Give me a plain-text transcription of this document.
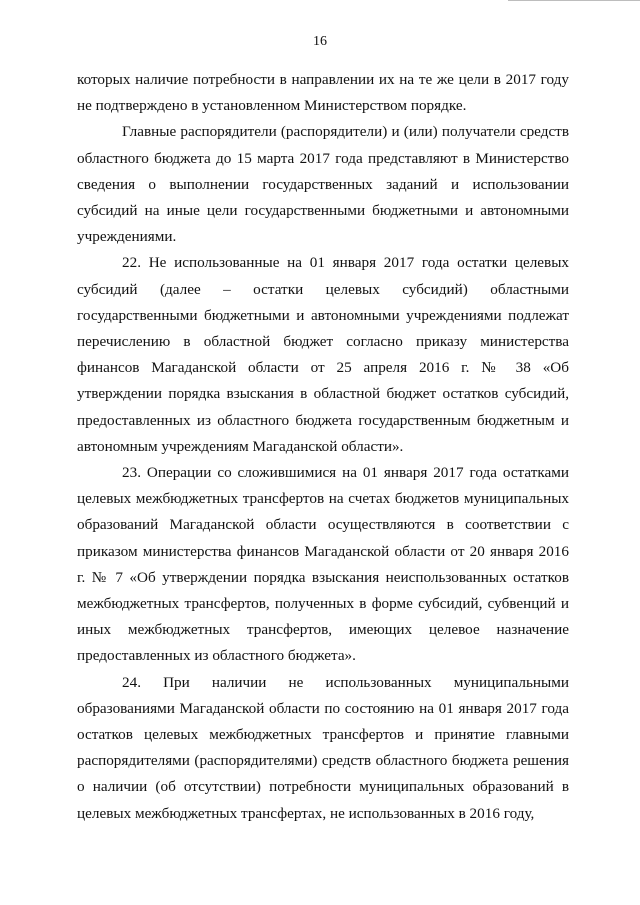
16

которых наличие потребности в направлении их на те же цели в 2017 году не подтверждено в установленном Министерством порядке.

Главные распорядители (распорядители) и (или) получатели средств областного бюджета до 15 марта 2017 года представляют в Министерство сведения о выполнении государственных заданий и использовании субсидий на иные цели государственными бюджетными и автономными учреждениями.

22. Не использованные на 01 января 2017 года остатки целевых субсидий (далее – остатки целевых субсидий) областными государственными бюджетными и автономными учреждениями подлежат перечислению в областной бюджет согласно приказу министерства финансов Магаданской области от 25 апреля 2016 г. № 38 «Об утверждении порядка взыскания в областной бюджет остатков субсидий, предоставленных из областного бюджета государственным бюджетным и автономным учреждениям Магаданской области».

23. Операции со сложившимися на 01 января 2017 года остатками целевых межбюджетных трансфертов на счетах бюджетов муниципальных образований Магаданской области осуществляются в соответствии с приказом министерства финансов Магаданской области от 20 января 2016 г. № 7 «Об утверждении порядка взыскания неиспользованных остатков межбюджетных трансфертов, полученных в форме субсидий, субвенций и иных межбюджетных трансфертов, имеющих целевое назначение предоставленных из областного бюджета».

24. При наличии не использованных муниципальными образованиями Магаданской области по состоянию на 01 января 2017 года остатков целевых межбюджетных трансфертов и принятие главными распорядителями (распорядителями) средств областного бюджета решения о наличии (об отсутствии) потребности муниципальных образований в целевых межбюджетных трансфертах, не использованных в 2016 году,
